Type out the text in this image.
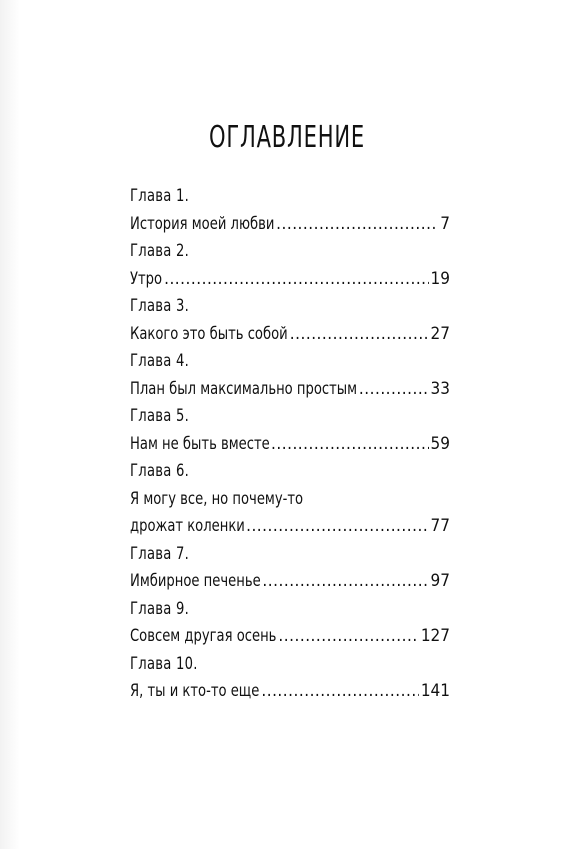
ОГЛАВЛЕНИЕ
Глава 1.
История моей любви .....	7
Глава 2.
Утро .....	19
Глава 3.
Какого это быть собой .....	27
Глава 4.
План был максимально простым .....	33
Глава 5.
Нам не быть вместе .....	59
Глава 6.
Я могу все, но почему-то
дрожат коленки .....	77
Глава 7.
Имбирное печенье .....	97
Глава 9.
Совсем другая осень .....	127
Глава 10.
Я, ты и кто-то еще .....	141
